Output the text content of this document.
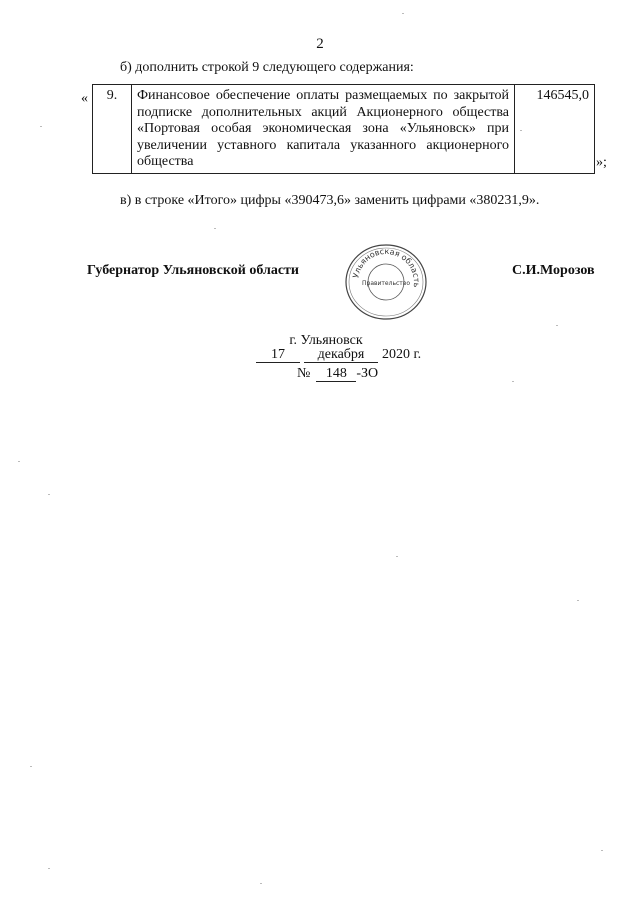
2
б) дополнить строкой 9 следующего содержания:
« 9.	Финансовое обеспечение оплаты размещаемых по закрытой подписке дополнительных акций Акционерного общества «Портовая особая экономическая зона «Ульяновск» при увеличении уставного капитала указанного акционерного общества	146545,0
»;
в) в строке «Итого» цифры «390473,6» заменить цифрами «380231,9».
Губернатор Ульяновской области	С.И.Морозов
Ульяновская область
Правительство
г. Ульяновск
17 декабря 2020 г.
№ 148 -ЗО
